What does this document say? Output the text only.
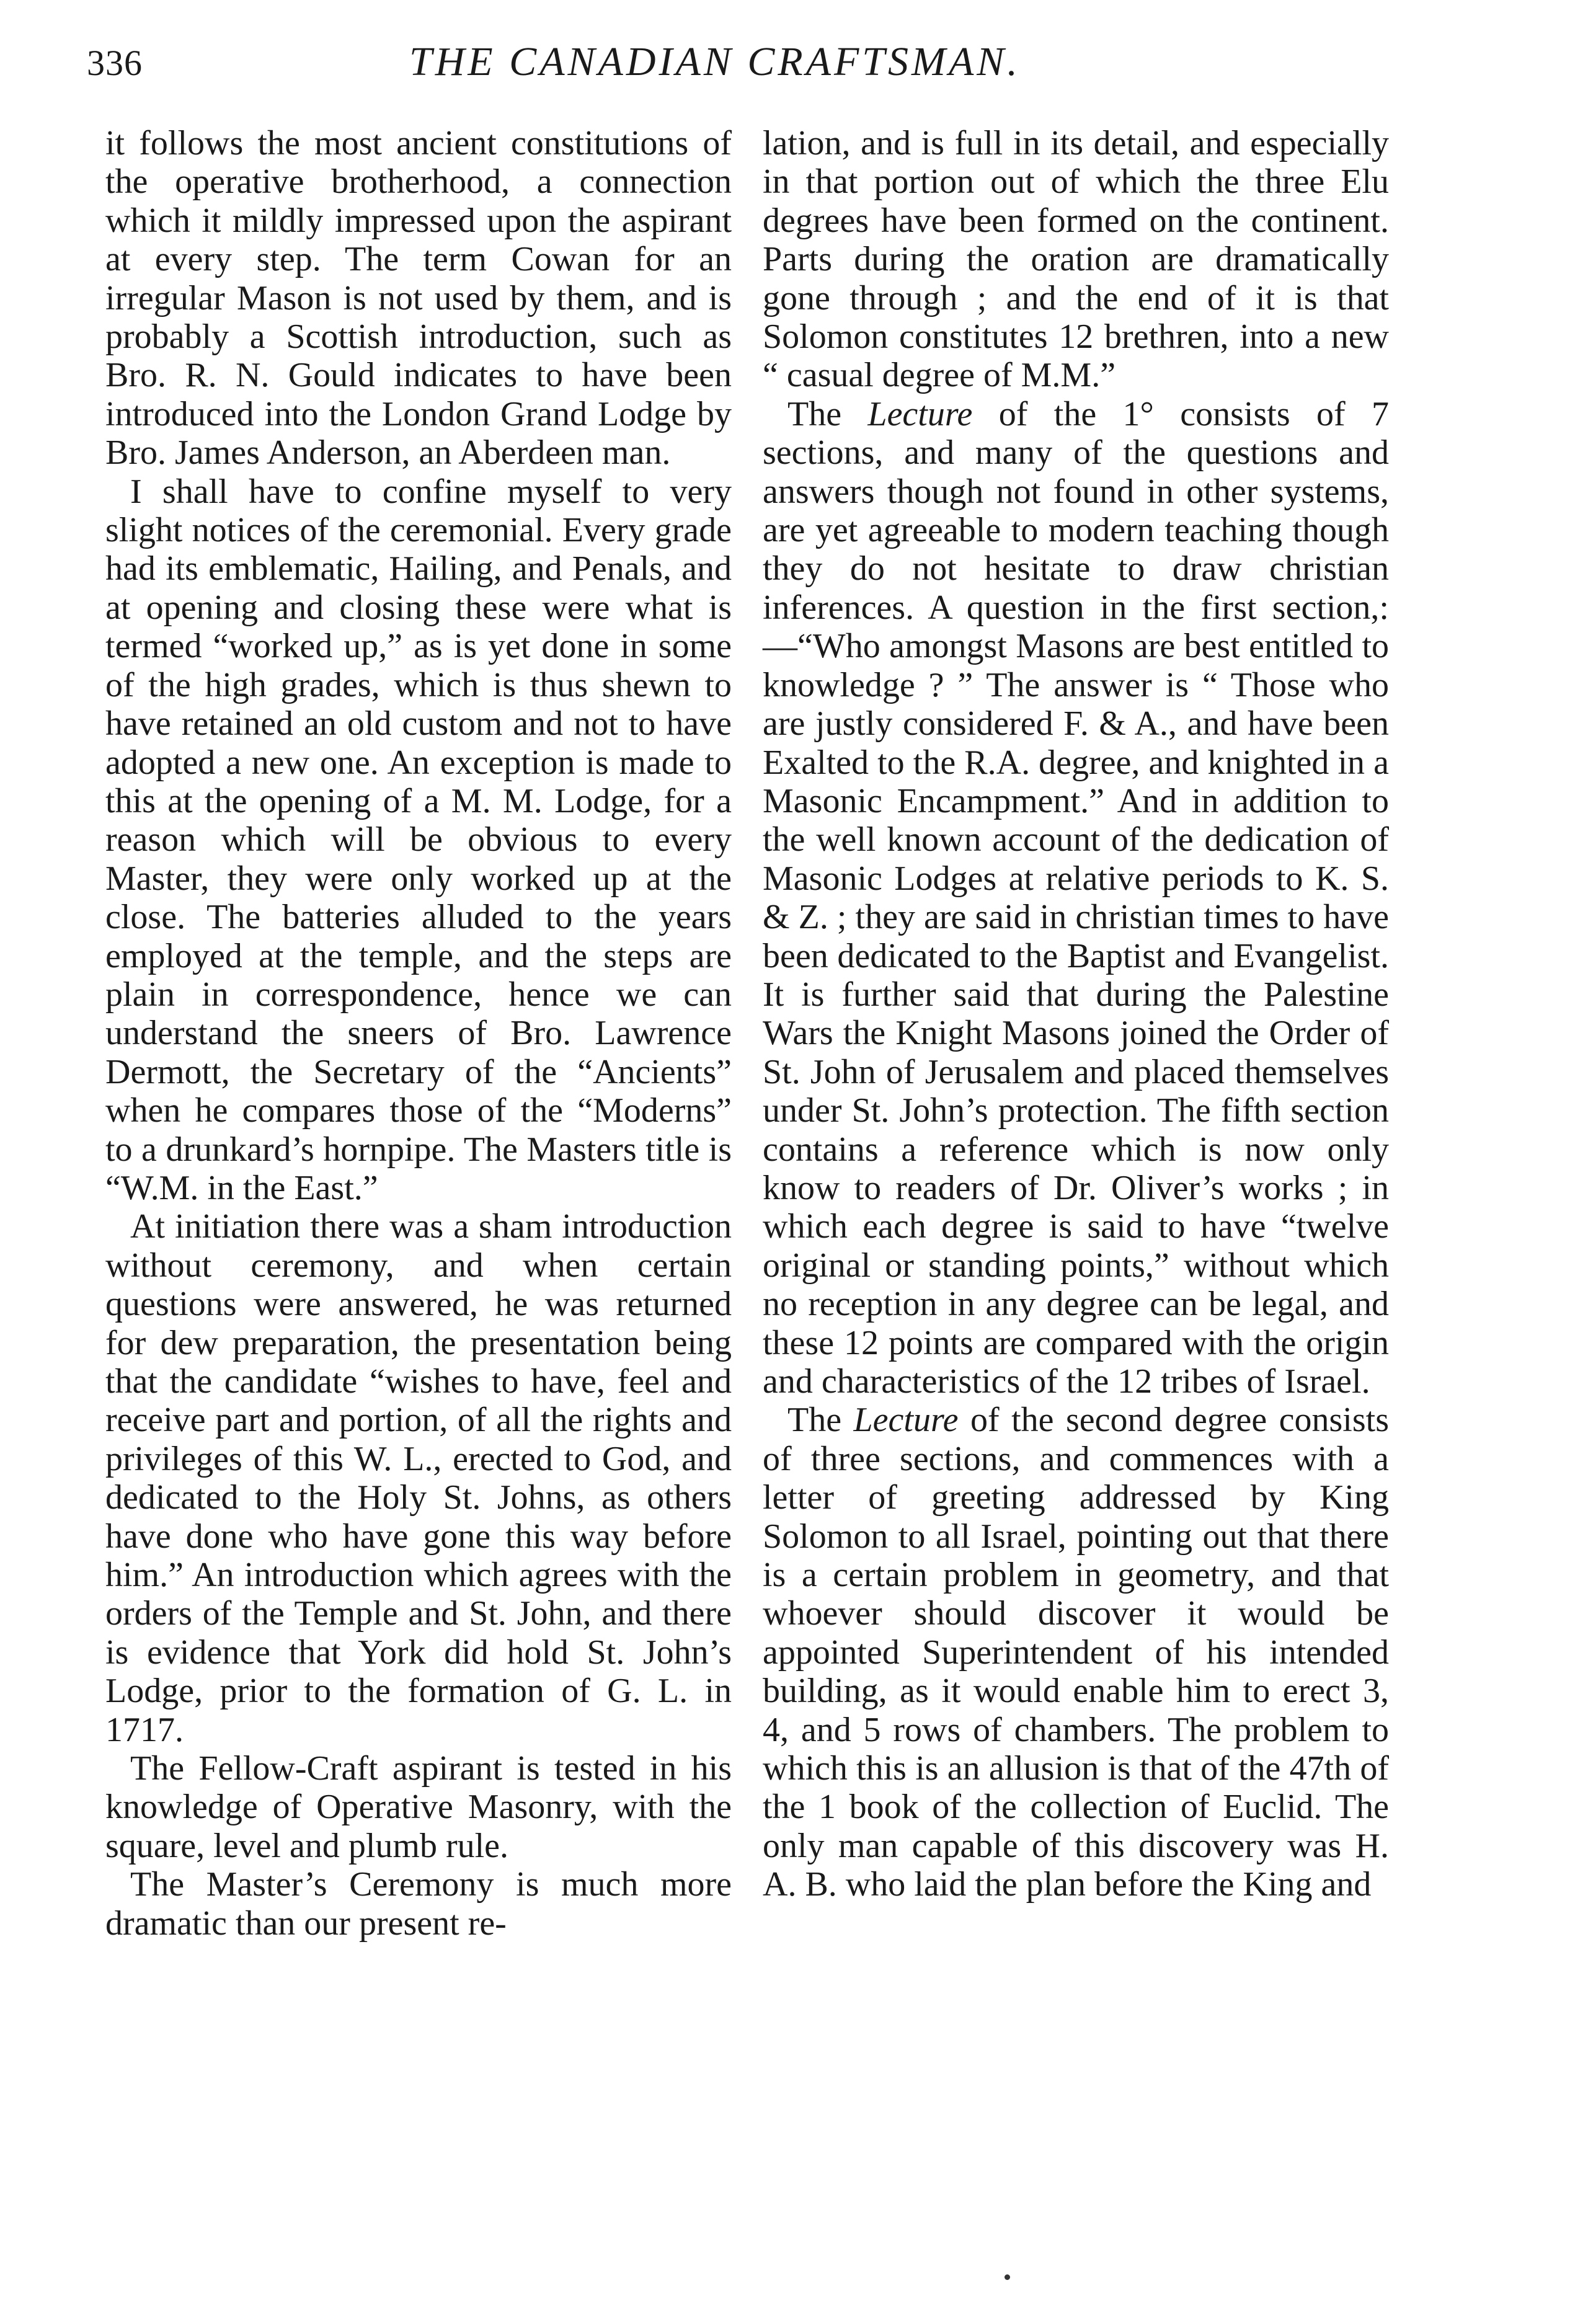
336	THE CANADIAN CRAFTSMAN.

it follows the most ancient constitutions of the operative brotherhood, a connection which it mildly impressed upon the aspirant at every step. The term Cowan for an irregular Mason is not used by them, and is probably a Scottish introduction, such as Bro. R. N. Gould indicates to have been introduced into the London Grand Lodge by Bro. James Anderson, an Aberdeen man.

I shall have to confine myself to very slight notices of the ceremonial. Every grade had its emblematic, Hailing, and Penals, and at opening and closing these were what is termed “worked up,” as is yet done in some of the high grades, which is thus shewn to have retained an old custom and not to have adopted a new one. An exception is made to this at the opening of a M. M. Lodge, for a reason which will be obvious to every Master, they were only worked up at the close. The batteries alluded to the years employed at the temple, and the steps are plain in correspondence, hence we can understand the sneers of Bro. Lawrence Dermott, the Secretary of the “Ancients” when he compares those of the “Moderns” to a drunkard’s hornpipe. The Masters title is “W.M. in the East.”

At initiation there was a sham introduction without ceremony, and when certain questions were answered, he was returned for dew preparation, the presentation being that the candidate “wishes to have, feel and receive part and portion, of all the rights and privileges of this W. L., erected to God, and dedicated to the Holy St. Johns, as others have done who have gone this way before him.” An introduction which agrees with the orders of the Temple and St. John, and there is evidence that York did hold St. John’s Lodge, prior to the formation of G. L. in 1717.

The Fellow-Craft aspirant is tested in his knowledge of Operative Masonry, with the square, level and plumb rule.

The Master’s Ceremony is much more dramatic than our present re-

lation, and is full in its detail, and especially in that portion out of which the three Elu degrees have been formed on the continent. Parts during the oration are dramatically gone through ; and the end of it is that Solomon constitutes 12 brethren, into a new “ casual degree of M.M.”

The Lecture of the 1° consists of 7 sections, and many of the questions and answers though not found in other systems, are yet agreeable to modern teaching though they do not hesitate to draw christian inferences. A question in the first section,:—“Who amongst Masons are best entitled to knowledge ? ” The answer is “ Those who are justly considered F. & A., and have been Exalted to the R.A. degree, and knighted in a Masonic Encampment.” And in addition to the well known account of the dedication of Masonic Lodges at relative periods to K. S. & Z. ; they are said in christian times to have been dedicated to the Baptist and Evangelist. It is further said that during the Palestine Wars the Knight Masons joined the Order of St. John of Jerusalem and placed themselves under St. John’s protection. The fifth section contains a reference which is now only know to readers of Dr. Oliver’s works ; in which each degree is said to have “twelve original or standing points,” without which no reception in any degree can be legal, and these 12 points are compared with the origin and characteristics of the 12 tribes of Israel.

The Lecture of the second degree consists of three sections, and commences with a letter of greeting addressed by King Solomon to all Israel, pointing out that there is a certain problem in geometry, and that whoever should discover it would be appointed Superintendent of his intended building, as it would enable him to erect 3, 4, and 5 rows of chambers. The problem to which this is an allusion is that of the 47th of the 1 book of the collection of Euclid. The only man capable of this discovery was H. A. B. who laid the plan before the King and
